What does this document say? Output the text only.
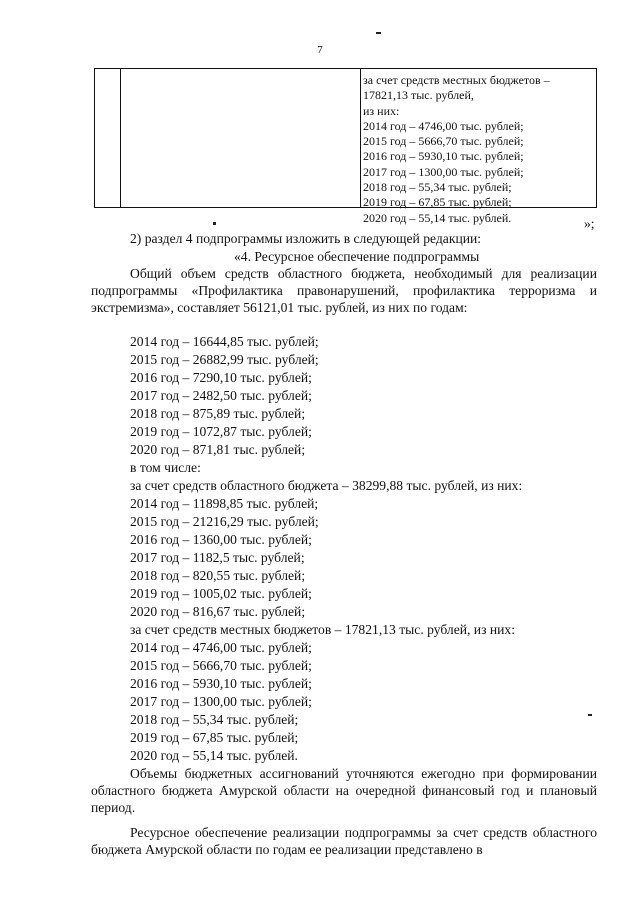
7
за счет средств местных бюджетов – 17821,13 тыс. рублей,
из них:
2014 год – 4746,00 тыс. рублей;
2015 год – 5666,70 тыс. рублей;
2016 год – 5930,10 тыс. рублей;
2017 год – 1300,00 тыс. рублей;
2018 год – 55,34 тыс. рублей;
2019 год – 67,85 тыс. рублей;
2020 год – 55,14 тыс. рублей.	»;
2) раздел 4 подпрограммы изложить в следующей редакции:
«4. Ресурсное обеспечение подпрограммы
Общий объем средств областного бюджета, необходимый для реализации подпрограммы «Профилактика правонарушений, профилактика терроризма и экстремизма», составляет 56121,01 тыс. рублей, из них по годам:
2014 год – 16644,85 тыс. рублей;
2015 год – 26882,99 тыс. рублей;
2016 год – 7290,10 тыс. рублей;
2017 год – 2482,50 тыс. рублей;
2018 год – 875,89 тыс. рублей;
2019 год – 1072,87 тыс. рублей;
2020 год – 871,81 тыс. рублей;
в том числе:
за счет средств областного бюджета – 38299,88 тыс. рублей, из них:
2014 год – 11898,85 тыс. рублей;
2015 год – 21216,29 тыс. рублей;
2016 год – 1360,00 тыс. рублей;
2017 год – 1182,5 тыс. рублей;
2018 год – 820,55 тыс. рублей;
2019 год – 1005,02 тыс. рублей;
2020 год – 816,67 тыс. рублей;
за счет средств местных бюджетов – 17821,13 тыс. рублей, из них:
2014 год – 4746,00 тыс. рублей;
2015 год – 5666,70 тыс. рублей;
2016 год – 5930,10 тыс. рублей;
2017 год – 1300,00 тыс. рублей;
2018 год – 55,34 тыс. рублей;
2019 год – 67,85 тыс. рублей;
2020 год – 55,14 тыс. рублей.
Объемы бюджетных ассигнований уточняются ежегодно при формировании областного бюджета Амурской области на очередной финансовый год и плановый период.
Ресурсное обеспечение реализации подпрограммы за счет средств областного бюджета Амурской области по годам ее реализации представлено в
